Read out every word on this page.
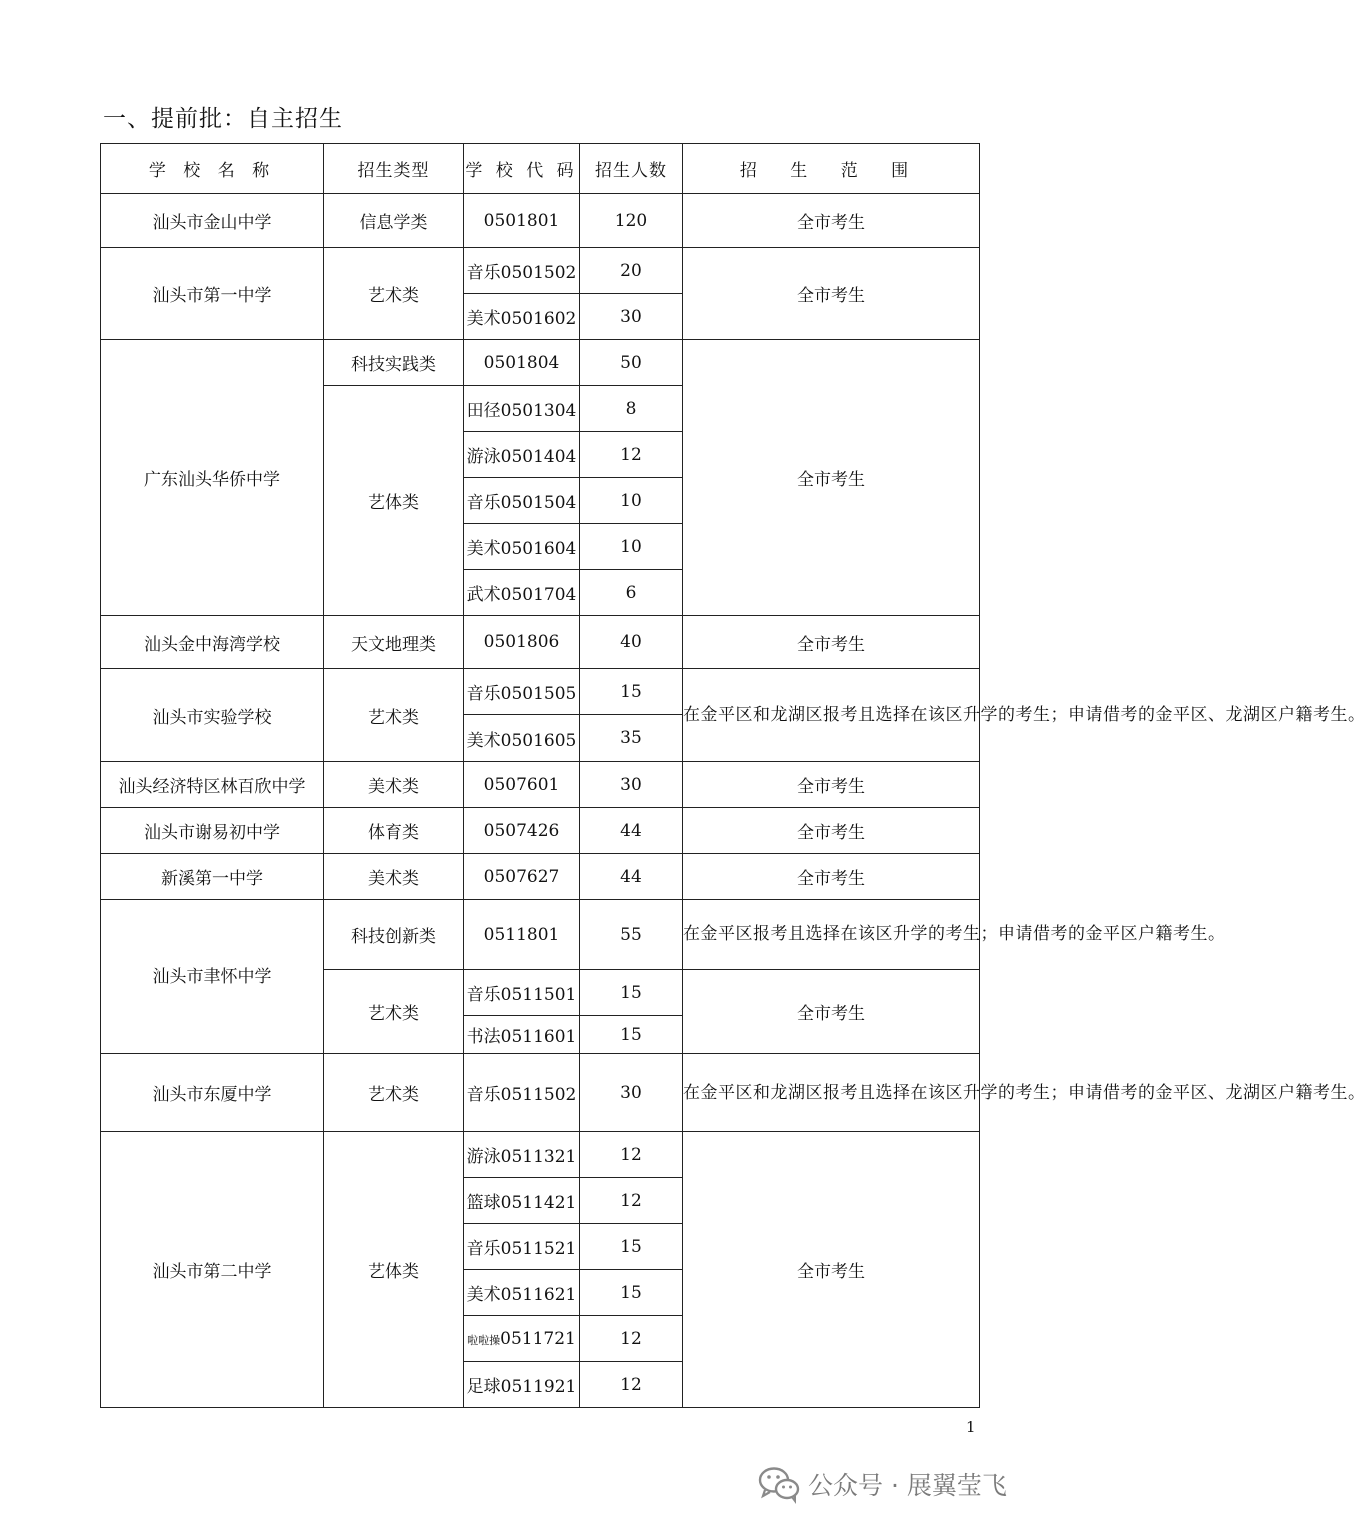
一、提前批：自主招生
学 校 名 称	招生类型	学 校 代 码	招生人数	招 生 范 围
汕头市金山中学	信息学类	0501801	120	全市考生
汕头市第一中学	艺术类	音乐0501502	20	全市考生
		美术0501602	30	
广东汕头华侨中学	科技实践类	0501804	50	全市考生
	艺体类	田径0501304	8	
		游泳0501404	12	
		音乐0501504	10	
		美术0501604	10	
		武术0501704	6	
汕头金中海湾学校	天文地理类	0501806	40	全市考生
汕头市实验学校	艺术类	音乐0501505	15	在金平区和龙湖区报考且选择在该区升学的考生；申请借考的金平区、龙湖区户籍考生。
		美术0501605	35	
汕头经济特区林百欣中学	美术类	0507601	30	全市考生
汕头市谢易初中学	体育类	0507426	44	全市考生
新溪第一中学	美术类	0507627	44	全市考生
汕头市聿怀中学	科技创新类	0511801	55	在金平区报考且选择在该区升学的考生；申请借考的金平区户籍考生。
	艺术类	音乐0511501	15	全市考生
		书法0511601	15	
汕头市东厦中学	艺术类	音乐0511502	30	在金平区和龙湖区报考且选择在该区升学的考生；申请借考的金平区、龙湖区户籍考生。
汕头市第二中学	艺体类	游泳0511321	12	全市考生
		篮球0511421	12	
		音乐0511521	15	
		美术0511621	15	
		啦啦操0511721	12	
		足球0511921	12	
1
公众号 · 展翼莹飞
